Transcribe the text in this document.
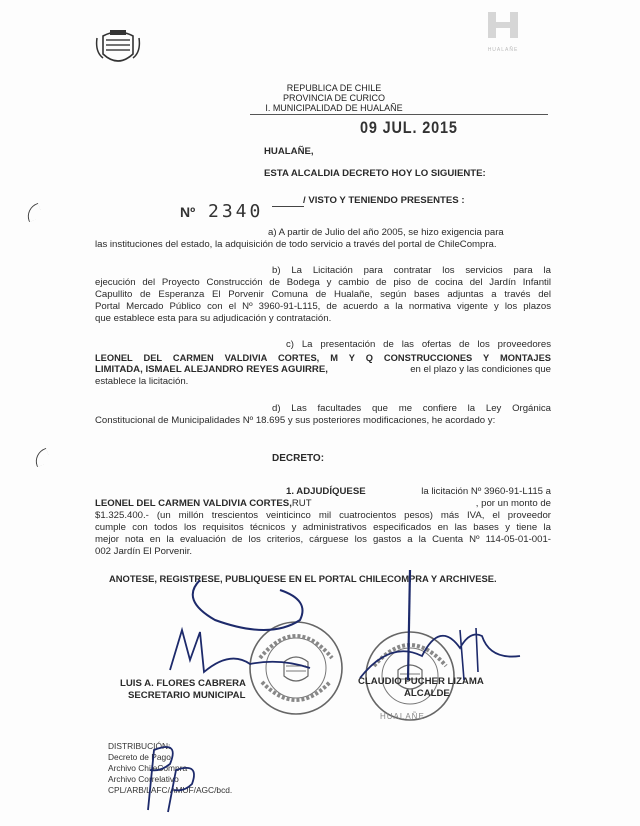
HUALAÑE
REPUBLICA DE CHILE
PROVINCIA DE CURICO
I. MUNICIPALIDAD DE HUALAÑE
09 JUL. 2015
HUALAÑE,
ESTA ALCALDIA DECRETO HOY LO SIGUIENTE:
Nº 2340
/ VISTO Y TENIENDO PRESENTES :
a) A partir de Julio del año 2005, se hizo exigencia para
las instituciones del estado, la adquisición de todo servicio a través del portal de ChileCompra.
b) La Licitación para contratar los servicios para la
ejecución del Proyecto Construcción de Bodega y cambio de piso de cocina del Jardín Infantil
Capullito de Esperanza El Porvenir Comuna de Hualañe, según bases adjuntas a través del
Portal Mercado Público con el Nº 3960-91-L115, de acuerdo a la normativa vigente y los plazos
que establece esta para su adjudicación y contratación.
c) La presentación de las ofertas de los proveedores
LEONEL DEL CARMEN VALDIVIA CORTES, M Y Q CONSTRUCCIONES Y MONTAJES
LIMITADA, ISMAEL ALEJANDRO REYES AGUIRRE,	en el plazo y las condiciones que
establece la licitación.
d) Las facultades que me confiere la Ley Orgánica
Constitucional de Municipalidades Nº 18.695 y sus posteriores modificaciones, he acordado y:
DECRETO:
1. ADJUDÍQUESE	la licitación Nº 3960-91-L115 a
LEONEL DEL CARMEN VALDIVIA CORTES, RUT	, por un monto de
$1.325.400.- (un millón trescientos veinticinco mil cuatrocientos pesos) más IVA, el proveedor
cumple con todos los requisitos técnicos y administrativos especificados en las bases y tiene la
mejor nota en la evaluación de los criterios, cárguese los gastos a la Cuenta Nº 114-05-01-001-
002 Jardín El Porvenir.
ANOTESE, REGISTRESE, PUBLIQUESE EN EL PORTAL CHILECOMPRA Y ARCHIVESE.
HUALAÑE
LUIS A. FLORES CABRERA
SECRETARIO MUNICIPAL
CLAUDIO PUCHER LIZAMA
ALCALDE
DISTRIBUCIÓN:
Decreto de Pago
Archivo ChileCompra
Archivo Correlativo
CPL/ARB/LAFC/AMUF/AGC/bcd.
